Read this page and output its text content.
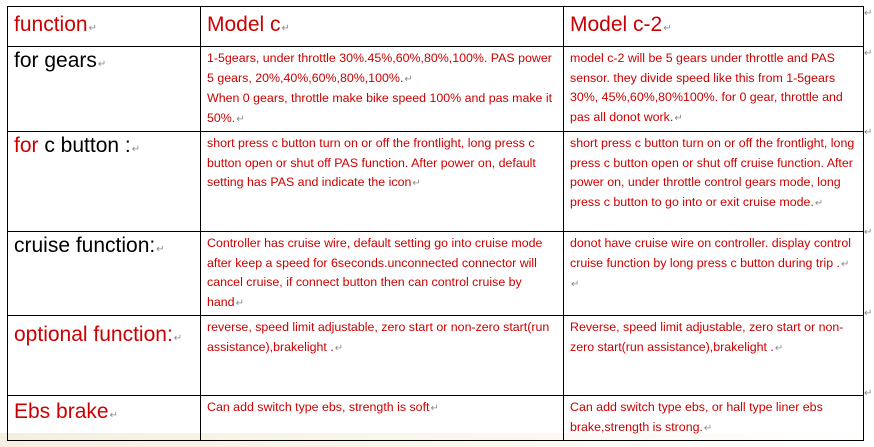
function↵	Model c↵	Model c-2↵
for gears↵	1-5gears, under throttle 30%.45%,60%,80%,100%. PAS power 5 gears, 20%,40%,60%,80%,100%.↵
When 0 gears, throttle make bike speed 100% and pas make it 50%.↵	model c-2 will be 5 gears under throttle and PAS sensor. they divide speed like this from 1-5gears 30%, 45%,60%,80%100%. for 0 gear, throttle and pas all donot work.↵

for c button :↵	short press c button turn on or off the frontlight, long press c button open or shut off PAS function. After power on, default setting has PAS and indicate the icon↵	short press c button turn on or off the frontlight, long press c button open or shut off cruise function. After power on, under throttle control gears mode, long press c button to go into or exit cruise mode.↵

cruise function:↵	Controller has cruise wire, default setting go into cruise mode after keep a speed for 6seconds.unconnected connector will cancel cruise, if connect button then can control cruise by hand↵	donot have cruise wire on controller. display control cruise function by long press c button during trip .↵
↵

optional function:↵	reverse, speed limit adjustable, zero start or non-zero start(run assistance),brakelight .↵	Reverse, speed limit adjustable, zero start or non-zero start(run assistance),brakelight .↵

Ebs brake↵	Can add switch type ebs, strength is soft↵	Can add switch type ebs, or hall type liner ebs brake,strength is strong.↵
↵
↵
↵
↵
↵
↵
